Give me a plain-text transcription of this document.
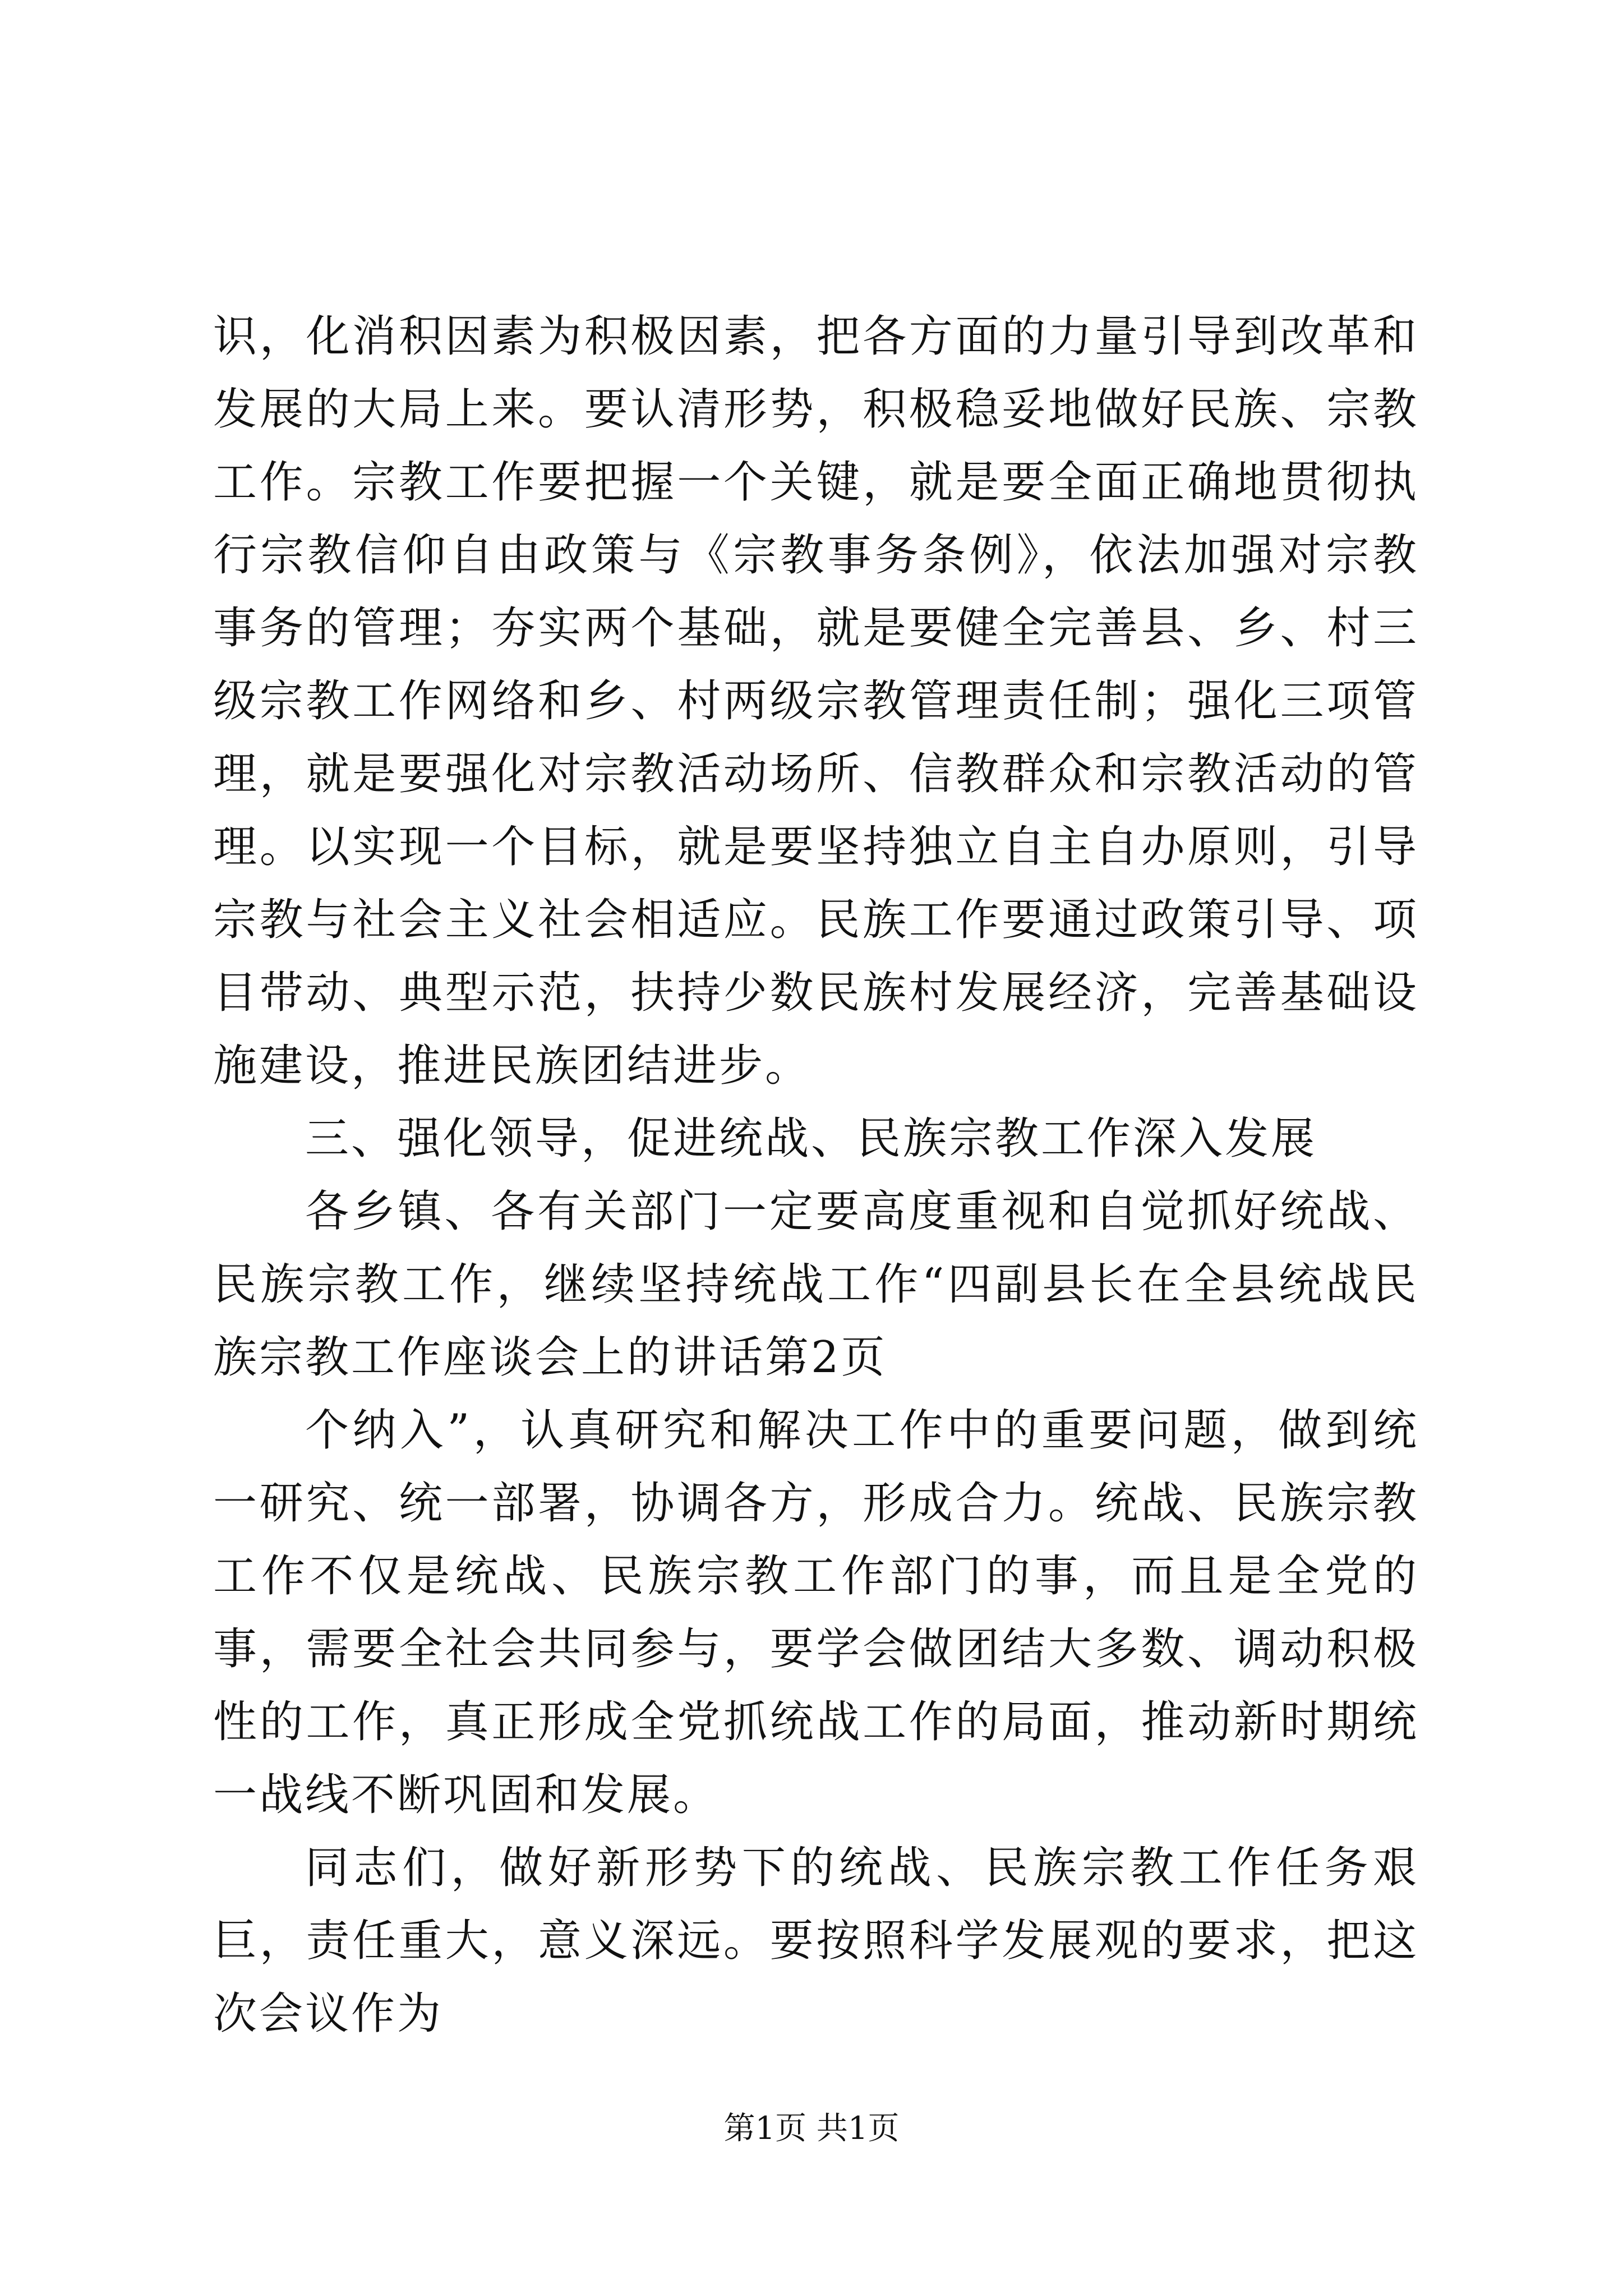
识，化消积因素为积极因素，把各方面的力量引导到改革和发展的大局上来。要认清形势，积极稳妥地做好民族、宗教工作。宗教工作要把握一个关键，就是要全面正确地贯彻执行宗教信仰自由政策与《宗教事务条例》，依法加强对宗教事务的管理；夯实两个基础，就是要健全完善县、乡、村三级宗教工作网络和乡、村两级宗教管理责任制；强化三项管理，就是要强化对宗教活动场所、信教群众和宗教活动的管理。以实现一个目标，就是要坚持独立自主自办原则，引导宗教与社会主义社会相适应。民族工作要通过政策引导、项目带动、典型示范，扶持少数民族村发展经济，完善基础设施建设，推进民族团结进步。

三、强化领导，促进统战、民族宗教工作深入发展

各乡镇、各有关部门一定要高度重视和自觉抓好统战、民族宗教工作，继续坚持统战工作“四副县长在全县统战民族宗教工作座谈会上的讲话第2页

个纳入”，认真研究和解决工作中的重要问题，做到统一研究、统一部署，协调各方，形成合力。统战、民族宗教工作不仅是统战、民族宗教工作部门的事，而且是全党的事，需要全社会共同参与，要学会做团结大多数、调动积极性的工作，真正形成全党抓统战工作的局面，推动新时期统一战线不断巩固和发展。

同志们，做好新形势下的统战、民族宗教工作任务艰巨，责任重大，意义深远。要按照科学发展观的要求，把这次会议作为

第1页 共1页
